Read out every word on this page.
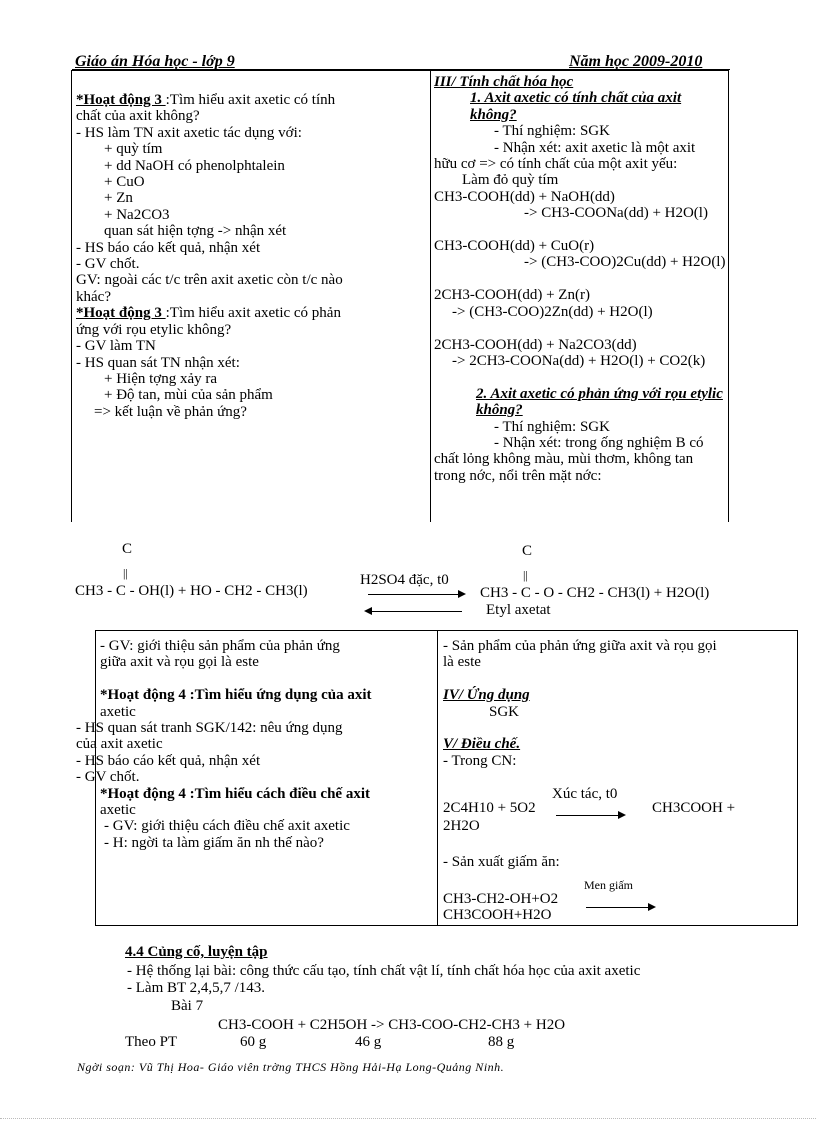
Giáo án Hóa học - lớp 9	Năm học 2009-2010
*Hoạt động 3 :Tìm hiểu axit axetic có tính
chất của axit không?
- HS làm TN axit axetic tác dụng với:
+ quỳ tím
+ dd NaOH có phenolphtalein
+ CuO
+ Zn
+ Na2CO3
quan sát hiện tợng -> nhận xét
- HS báo cáo kết quả, nhận xét
- GV chốt.
GV: ngoài các t/c trên axit axetic còn t/c nào
khác?
*Hoạt động 3 :Tìm hiểu axit axetic có phản
ứng với rọu etylic không?
- GV làm TN
- HS quan sát TN nhận xét:
+ Hiện tợng xảy ra
+ Độ tan, mùi của sản phẩm
=> kết luận về phản ứng?
III/ Tính chất hóa học
1. Axit axetic có tính chất của axit không?
- Thí nghiệm: SGK
- Nhận xét: axit axetic là một axit
hữu cơ => có tính chất của một axit yếu:
Làm đỏ quỳ tím
CH3-COOH(dd) + NaOH(dd)
-> CH3-COONa(dd) + H2O(l)

CH3-COOH(dd) + CuO(r)
-> (CH3-COO)2Cu(dd) + H2O(l)

2CH3-COOH(dd) + Zn(r)
-> (CH3-COO)2Zn(dd) + H2O(l)

2CH3-COOH(dd) + Na2CO3(dd)
-> 2CH3-COONa(dd) + H2O(l) + CO2(k)

2. Axit axetic có phản ứng với rọu etylic không?
- Thí nghiệm: SGK
- Nhận xét: trong ống nghiệm B có
chất lỏng không màu, mùi thơm, không tan
trong nớc, nổi trên mặt nớc:
C
||
CH3 - C - OH(l) + HO - CH2 - CH3(l)
H2SO4 đặc, t0
C
||
CH3 - C - O - CH2 - CH3(l) + H2O(l)
Etyl axetat
- GV: giới thiệu sản phẩm của phản ứng
giữa axit và rọu gọi là este

*Hoạt động 4 :Tìm hiểu ứng dụng của axit
axetic
- HS quan sát tranh SGK/142: nêu ứng dụng
của axit axetic
- HS báo cáo kết quả, nhận xét
- GV chốt.
*Hoạt động 4 :Tìm hiểu cách điều chế axit
axetic
- GV: giới thiệu cách điều chế axit axetic
- H: ngời ta làm giấm ăn nh thế nào?
- Sản phẩm của phản ứng giữa axit và rọu gọi
là este

IV/ Ứng dụng
SGK

V/ Điều chế.
- Trong CN:
2C4H10 + 5O2
Xúc tác, t0
CH3COOH +
2H2O
- Sản xuất giấm ăn:
Men giấm
CH3-CH2-OH+O2
CH3COOH+H2O
4.4 Củng cố, luyện tập
- Hệ thống lại bài: công thức cấu tạo, tính chất vật lí, tính chất hóa học của axit axetic
- Làm BT 2,4,5,7 /143.
Bài 7
CH3-COOH + C2H5OH -> CH3-COO-CH2-CH3 + H2O
Theo PT	60 g	46 g	88 g
Ngời soạn: Vũ Thị Hoa- Giáo viên trờng THCS Hồng Hải-Hạ Long-Quảng Ninh.
